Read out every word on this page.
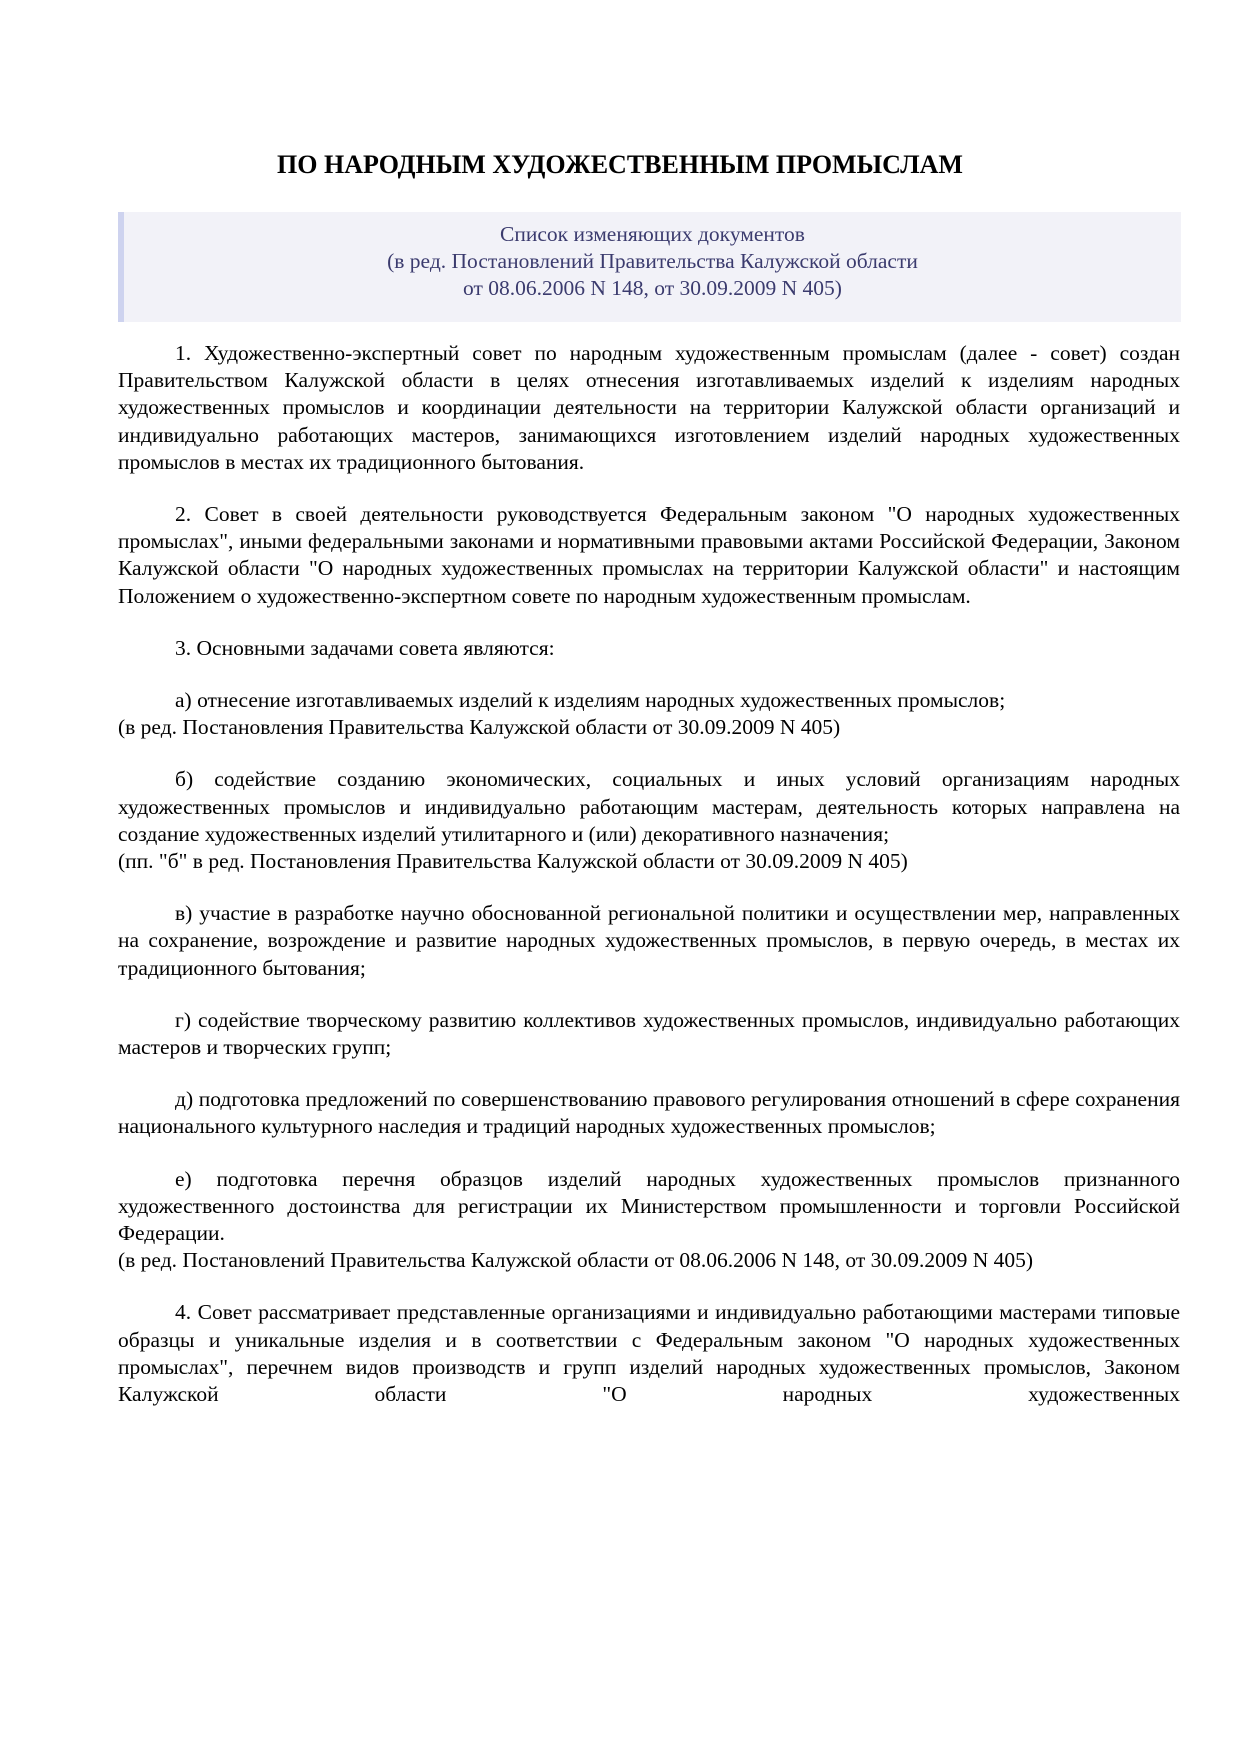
ПО НАРОДНЫМ ХУДОЖЕСТВЕННЫМ ПРОМЫСЛАМ
Список изменяющих документов
(в ред. Постановлений Правительства Калужской области
от 08.06.2006 N 148, от 30.09.2009 N 405)

1. Художественно-экспертный совет по народным художественным промыслам (далее - совет) создан Правительством Калужской области в целях отнесения изготавливаемых изделий к изделиям народных художественных промыслов и координации деятельности на территории Калужской области организаций и индивидуально работающих мастеров, занимающихся изготовлением изделий народных художественных промыслов в местах их традиционного бытования.

2. Совет в своей деятельности руководствуется Федеральным законом "О народных художественных промыслах", иными федеральными законами и нормативными правовыми актами Российской Федерации, Законом Калужской области "О народных художественных промыслах на территории Калужской области" и настоящим Положением о художественно-экспертном совете по народным художественным промыслам.

3. Основными задачами совета являются:

а) отнесение изготавливаемых изделий к изделиям народных художественных промыслов;

(в ред. Постановления Правительства Калужской области от 30.09.2009 N 405)

б) содействие созданию экономических, социальных и иных условий организациям народных художественных промыслов и индивидуально работающим мастерам, деятельность которых направлена на создание художественных изделий утилитарного и (или) декоративного назначения;

(пп. "б" в ред. Постановления Правительства Калужской области от 30.09.2009 N 405)

в) участие в разработке научно обоснованной региональной политики и осуществлении мер, направленных на сохранение, возрождение и развитие народных художественных промыслов, в первую очередь, в местах их традиционного бытования;

г) содействие творческому развитию коллективов художественных промыслов, индивидуально работающих мастеров и творческих групп;

д) подготовка предложений по совершенствованию правового регулирования отношений в сфере сохранения национального культурного наследия и традиций народных художественных промыслов;

е) подготовка перечня образцов изделий народных художественных промыслов признанного художественного достоинства для регистрации их Министерством промышленности и торговли Российской Федерации.

(в ред. Постановлений Правительства Калужской области от 08.06.2006 N 148, от 30.09.2009 N 405)

4. Совет рассматривает представленные организациями и индивидуально работающими мастерами типовые образцы и уникальные изделия и в соответствии с Федеральным законом "О народных художественных промыслах", перечнем видов производств и групп изделий народных художественных промыслов, Законом Калужской области "О народных художественных
